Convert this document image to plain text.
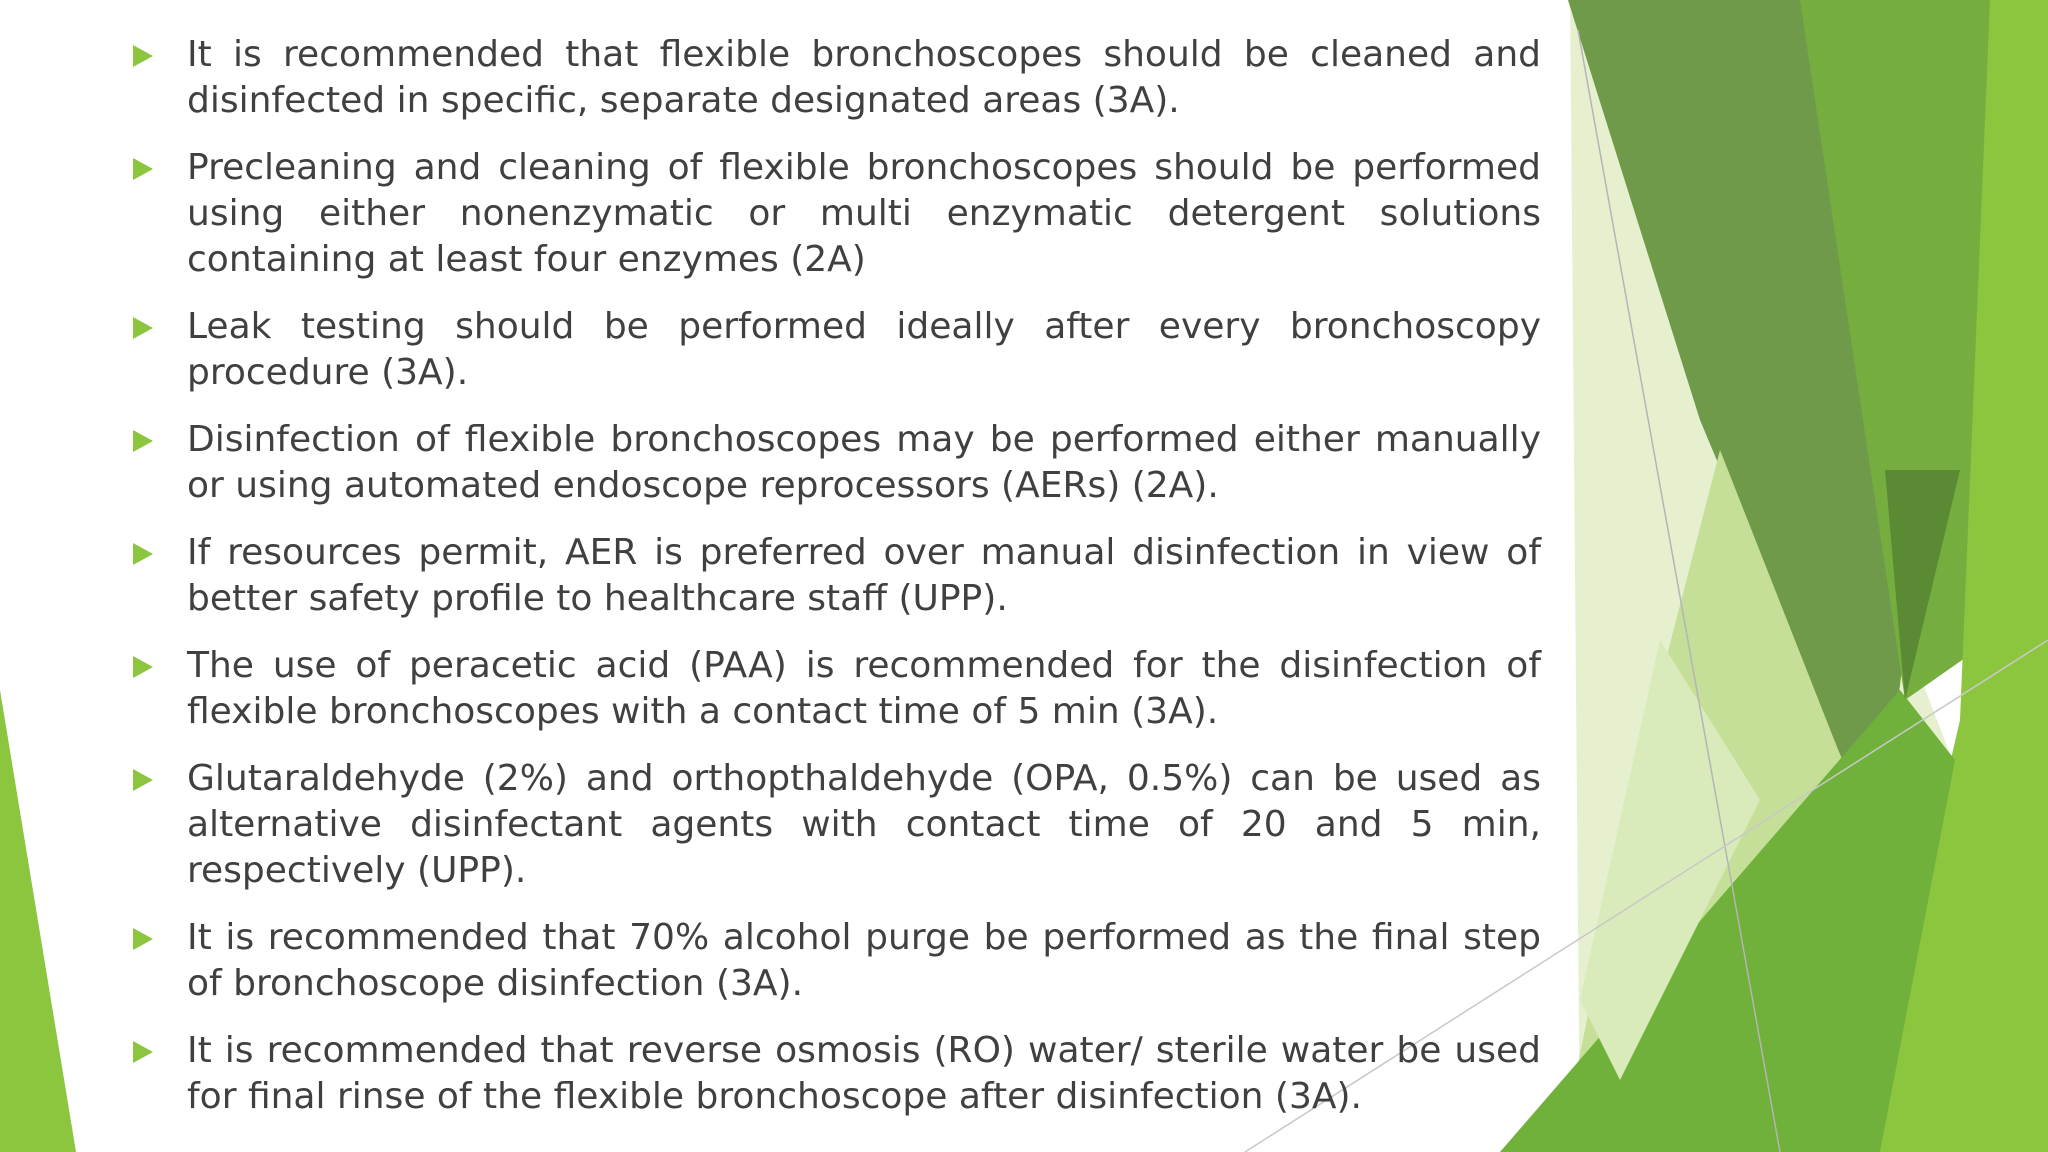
It is recommended that flexible bronchoscopes should be cleaned and disinfected in specific, separate designated areas (3A).
Precleaning and cleaning of flexible bronchoscopes should be performed using either nonenzymatic or multi enzymatic detergent solutions containing at least four enzymes (2A)
Leak testing should be performed ideally after every bronchoscopy procedure (3A).
Disinfection of flexible bronchoscopes may be performed either manually or using automated endoscope reprocessors (AERs) (2A).
If resources permit, AER is preferred over manual disinfection in view of better safety profile to healthcare staff (UPP).
The use of peracetic acid (PAA) is recommended for the disinfection of flexible bronchoscopes with a contact time of 5 min (3A).
Glutaraldehyde (2%) and orthopthaldehyde (OPA, 0.5%) can be used as alternative disinfectant agents with contact time of 20 and 5 min, respectively (UPP).
It is recommended that 70% alcohol purge be performed as the final step of bronchoscope disinfection (3A).
It is recommended that reverse osmosis (RO) water/ sterile water be used for final rinse of the flexible bronchoscope after disinfection (3A).
